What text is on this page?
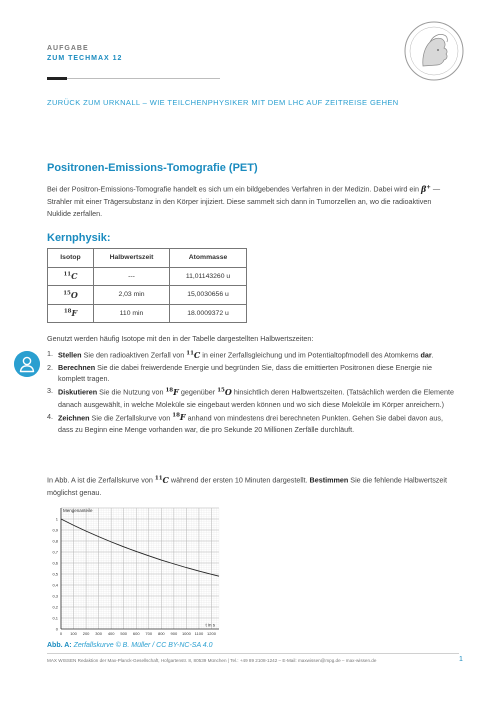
AUFGABE
ZUM TECHMAX 12
ZURÜCK ZUM URKNALL – WIE TEILCHENPHYSIKER MIT DEM LHC AUF ZEITREISE GEHEN
Positronen-Emissions-Tomografie (PET)

Bei der Positron-Emissions-Tomografie handelt es sich um ein bildgebendes Verfahren in der Medizin. Dabei wird ein β+ —Strahler mit einer Trägersubstanz in den Körper injiziert. Diese sammelt sich dann in Tumorzellen an, wo die radioaktiven Nuklide zerfallen.

Kernphysik:
Isotop	Halbwertszeit	Atommasse
$^{11}$C	---	11,01143260 u
$^{15}$O	2,03 min	15,0030656 u
$^{18}$F	110 min	18.0009372 u

Genutzt werden häufig Isotope mit den in der Tabelle dargestellten Halbwertszeiten:

1. Stellen Sie den radioaktiven Zerfall von $^{11}$C in einer Zerfallsgleichung und im Potentialtopfmodell des Atomkerns dar.
2. Berechnen Sie die dabei freiwerdende Energie und begründen Sie, dass die emittierten Positronen diese Energie nie komplett tragen.
3. Diskutieren Sie die Nutzung von $^{18}$F gegenüber $^{15}$O hinsichtlich deren Halbwertszeiten. (Tatsächlich werden die Elemente danach ausgewählt, in welche Moleküle sie eingebaut werden können und wo sich diese Moleküle im Körper anreichern.)
4. Zeichnen Sie die Zerfallskurve von $^{18}$F anhand von mindestens drei berechneten Punkten. Gehen Sie dabei davon aus, dass zu Beginn eine Menge vorhanden war, die pro Sekunde 20 Millionen Zerfälle durchläuft.

In Abb. A ist die Zerfallskurve von $^{11}$C während der ersten 10 Minuten dargestellt. Bestimmen Sie die fehlende Halbwertszeit möglichst genau.

0
0,1
0,2
0,3
0,4
0,5
0,6
0,7
0,8
0,9
1
0 100 200 300 400 500 600 700 800 900 1000 1100 1200
Mengenanteile
t in s

Abb. A: Zerfallskurve © B. Müller / CC BY-NC-SA 4.0

MAX WISSEN Redaktion der Max-Planck-Gesellschaft, Hofgartenstr. 8, 80539 München | Tel.: +49 89 2108-1242 – E-Mail: maxwissen@mpg.de – max-wissen.de	1
